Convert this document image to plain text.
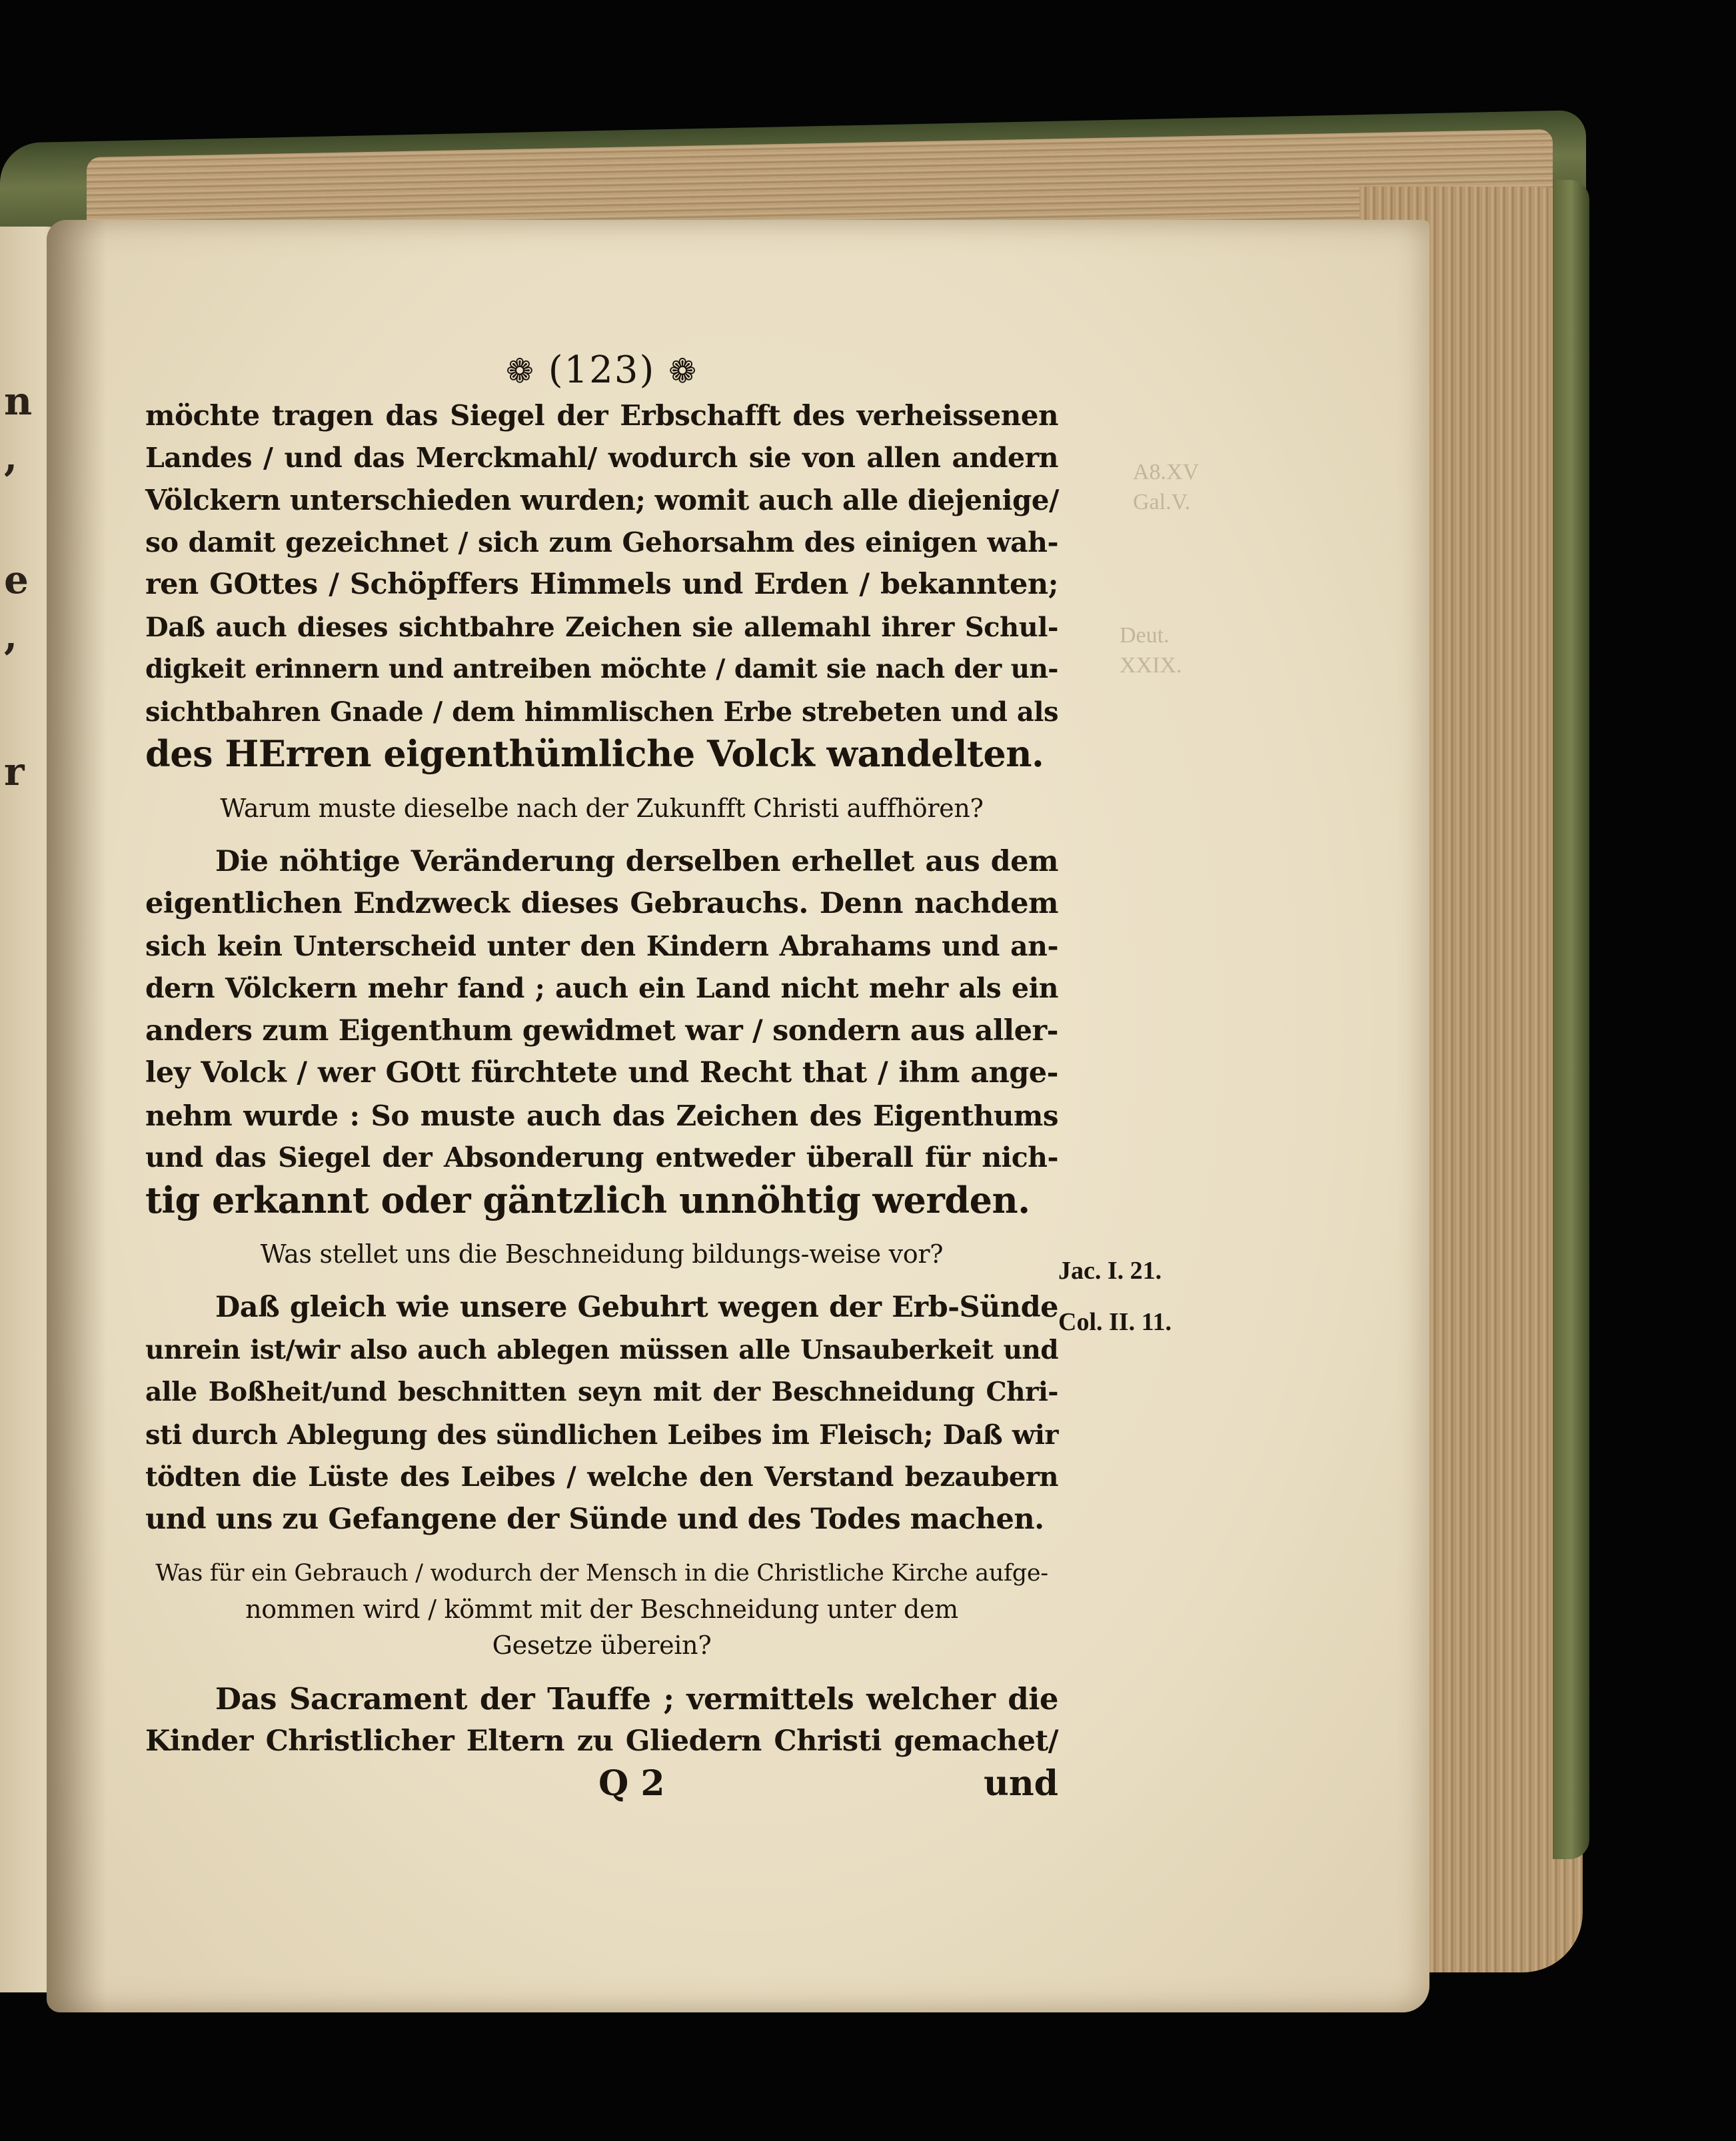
n
,
e
,
r
A8.XV
Gal.V.
Deut.
XXIX.
❁ (123) ❁
möchte tragen das Siegel der Erbschafft des verheissenen
Landes / und das Merckmahl/ wodurch sie von allen andern
Völckern unterschieden wurden; womit auch alle diejenige/
so damit gezeichnet / sich zum Gehorsahm des einigen wah-
ren GOttes / Schöpffers Himmels und Erden / bekannten;
Daß auch dieses sichtbahre Zeichen sie allemahl ihrer Schul-
digkeit erinnern und antreiben möchte / damit sie nach der un-
sichtbahren Gnade / dem himmlischen Erbe strebeten und als
des HErren eigenthümliche Volck wandelten.
Warum muste dieselbe nach der Zukunfft Christi auffhören?
Die nöhtige Veränderung derselben erhellet aus dem
eigentlichen Endzweck dieses Gebrauchs. Denn nachdem
sich kein Unterscheid unter den Kindern Abrahams und an-
dern Völckern mehr fand ; auch ein Land nicht mehr als ein
anders zum Eigenthum gewidmet war / sondern aus aller-
ley Volck / wer GOtt fürchtete und Recht that / ihm ange-
nehm wurde : So muste auch das Zeichen des Eigenthums
und das Siegel der Absonderung entweder überall für nich-
tig erkannt oder gäntzlich unnöhtig werden.
Was stellet uns die Beschneidung bildungs-weise vor?
Daß gleich wie unsere Gebuhrt wegen der Erb-Sünde
unrein ist/wir also auch ablegen müssen alle Unsauberkeit und
alle Boßheit/und beschnitten seyn mit der Beschneidung Chri-
sti durch Ablegung des sündlichen Leibes im Fleisch; Daß wir
tödten die Lüste des Leibes / welche den Verstand bezaubern
und uns zu Gefangene der Sünde und des Todes machen.
Was für ein Gebrauch / wodurch der Mensch in die Christliche Kirche aufge-
nommen wird / kömmt mit der Beschneidung unter dem
Gesetze überein?
Das Sacrament der Tauffe ; vermittels welcher die
Kinder Christlicher Eltern zu Gliedern Christi gemachet/
Q 2	und
Jac. I. 21.
Col. II. 11.
